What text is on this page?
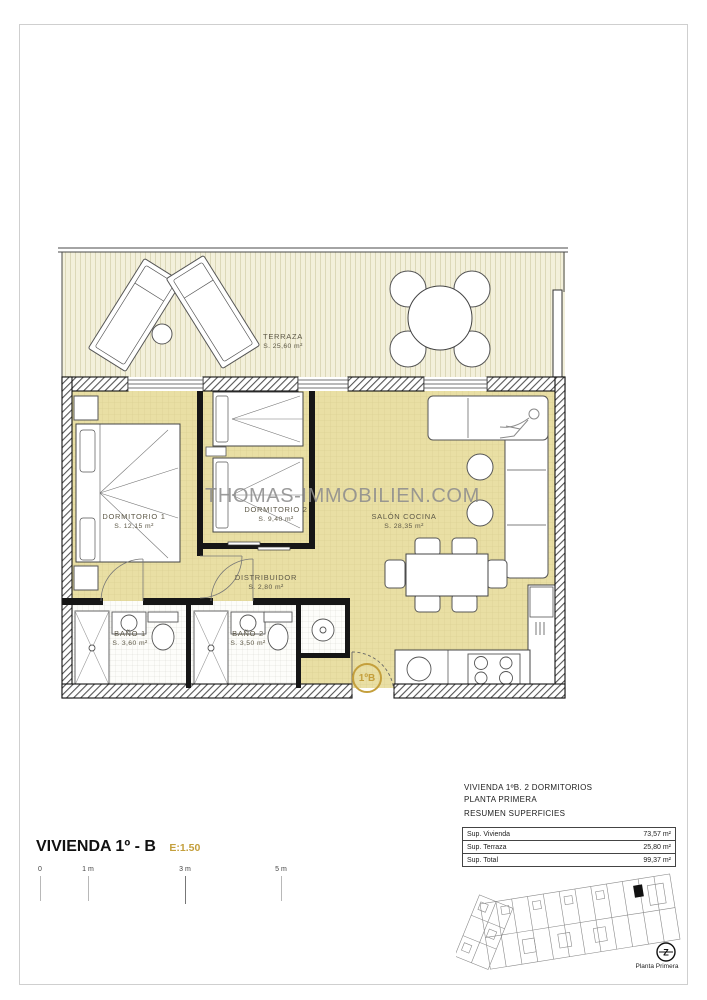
THOMAS-IMMOBILIEN.COM
TERRAZA
S. 25,60 m²
DORMITORIO 1
S. 12,15 m²
DORMITORIO 2
S. 9,40 m²	SALÓN COCINA
S. 28,35 m²
DISTRIBUIDOR
S. 2,80 m²
BAÑO 1
S. 3,60 m²
BAÑO 2
S. 3,50 m²
1ºB
VIVIENDA 1º - B E:1.50
0	1 m	3 m	5 m
VIVIENDA 1ºB. 2 DORMITORIOS
PLANTA PRIMERA
RESUMEN SUPERFICIES
Sup. Vivienda	73,57 m²
Sup. Terraza	25,80 m²
Sup. Total	99,37 m²
Z
Planta Primera
